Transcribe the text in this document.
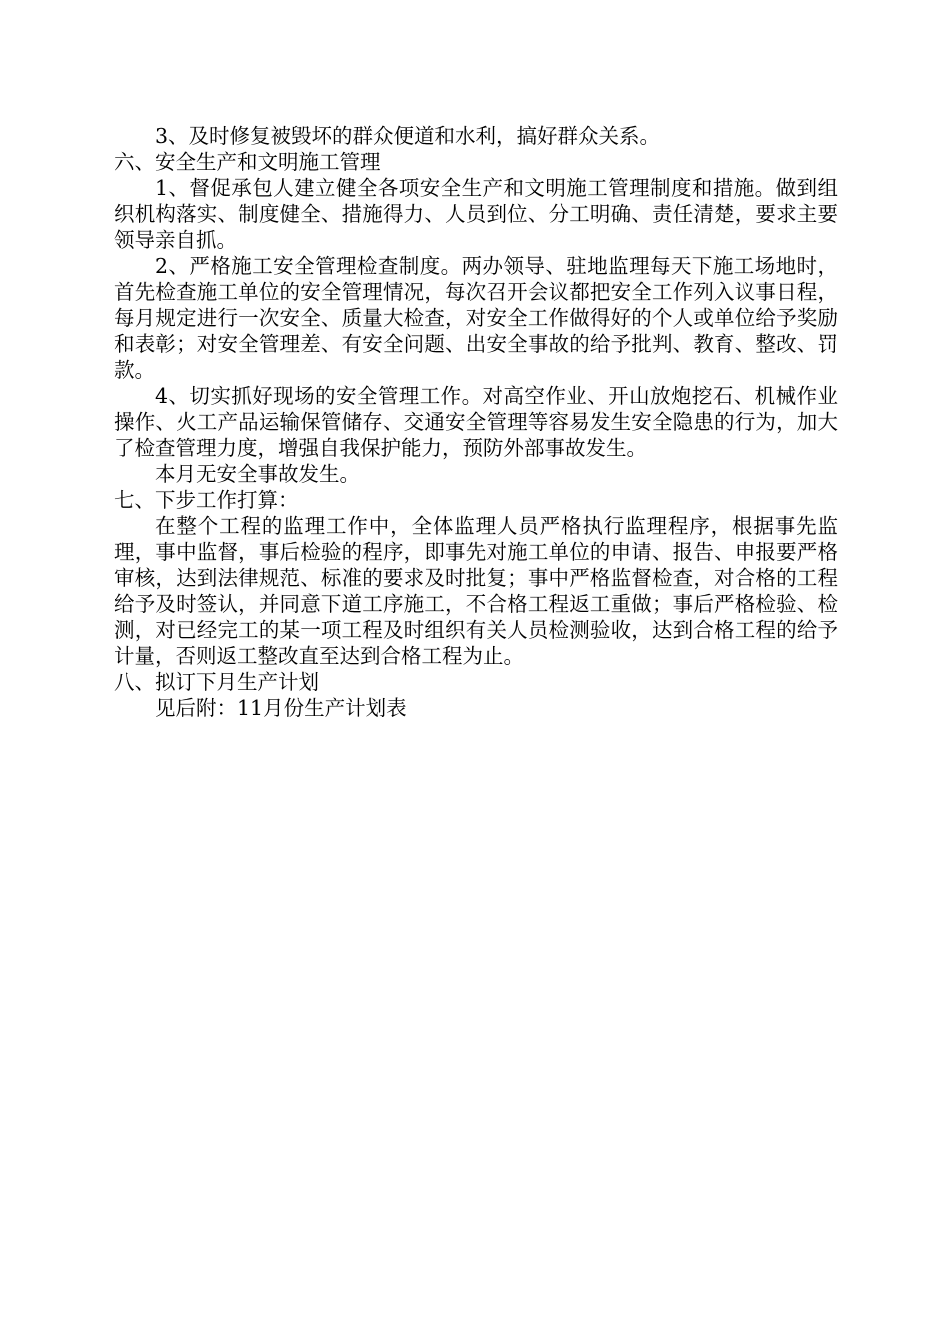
3、及时修复被毁坏的群众便道和水利，搞好群众关系。

六、安全生产和文明施工管理

1、督促承包人建立健全各项安全生产和文明施工管理制度和措施。做到组织机构落实、制度健全、措施得力、人员到位、分工明确、责任清楚，要求主要领导亲自抓。

2、严格施工安全管理检查制度。两办领导、驻地监理每天下施工场地时，首先检查施工单位的安全管理情况，每次召开会议都把安全工作列入议事日程，每月规定进行一次安全、质量大检查，对安全工作做得好的个人或单位给予奖励和表彰；对安全管理差、有安全问题、出安全事故的给予批判、教育、整改、罚款。

4、切实抓好现场的安全管理工作。对高空作业、开山放炮挖石、机械作业操作、火工产品运输保管储存、交通安全管理等容易发生安全隐患的行为，加大了检查管理力度，增强自我保护能力，预防外部事故发生。

本月无安全事故发生。

七、下步工作打算：

在整个工程的监理工作中，全体监理人员严格执行监理程序，根据事先监理，事中监督，事后检验的程序，即事先对施工单位的申请、报告、申报要严格审核，达到法律规范、标准的要求及时批复；事中严格监督检查，对合格的工程给予及时签认，并同意下道工序施工，不合格工程返工重做；事后严格检验、检测，对已经完工的某一项工程及时组织有关人员检测验收，达到合格工程的给予计量，否则返工整改直至达到合格工程为止。

八、拟订下月生产计划

见后附：11月份生产计划表
